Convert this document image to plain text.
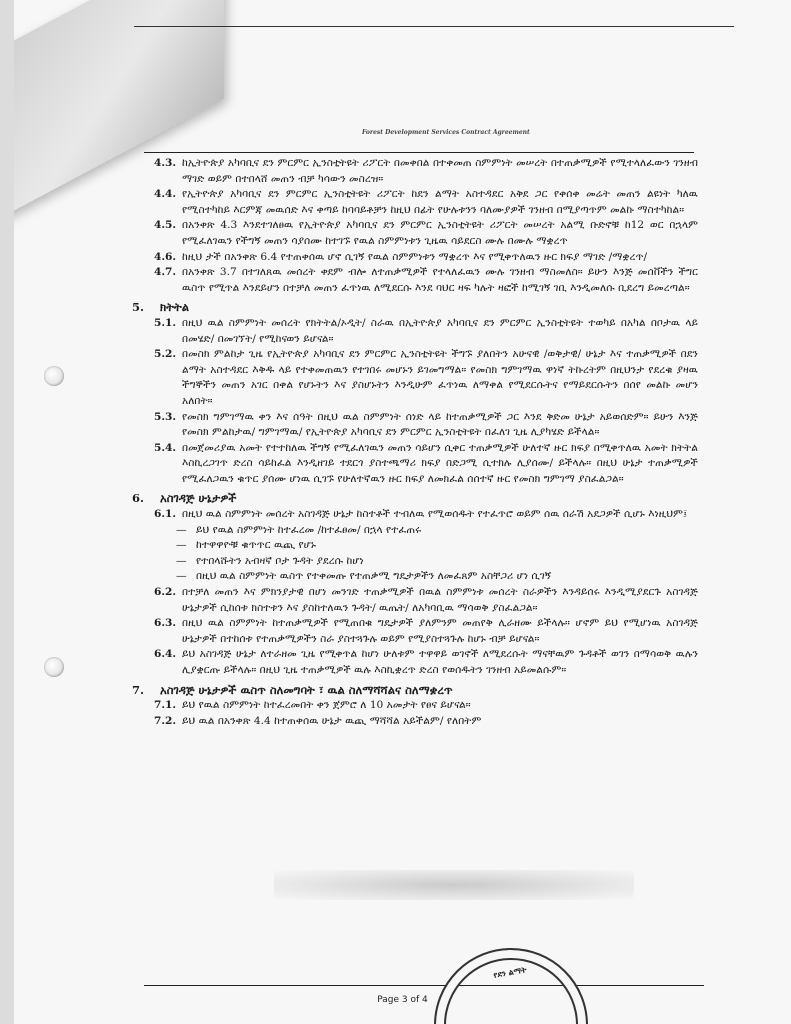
Forest Development Services Contract Agreement
4.3. ከኢትዮጵያ አካባቢና ደን ምርምር ኢንስቲትዩት ሪፖርት በመቀበል በተቀመጠ ስምምነት መሠረት በተጠቃሚዎች የሚተላለፈውን ገንዘብ ማገድ ወይም በተበላሸ መጠን ብቻ ካሳውን መስረዝ።
4.4. የኢትዮጵያ አካባቢና ደን ምርምር ኢንስቲትዩት ሪፖርት ከደን ልማት አስተዳደር አቅደ ጋር የቀሰቀ መሬት መጠን ልዩነት ካለዉ የሚስተካከይ እርምጃ መዉሰድ እና ቀጣይ ከባባይቶቻን ከዚህ በፊት የሁሉቱንን ባለሙያዎች ገንዘብ በሚያጣጥም መልኩ ማስተካከል።
4.5. በአንቀጽ 4.3 እንደተገለፀዉ የኢትዮጵያ አካባቢና ደን ምርምር ኢንስቲትዩት ሪፖርት መሠረት አልሚ ቡድኖቹ ከ12 ወር በኋላም የሚፈለገዉን የችግኝ መጠን ሳያሰሙ ከተገኙ የዉል ስምምነቱን ጊዜዉ ሳይደርስ ሙሉ በሙሉ ማቋረጥ
4.6. ከዚህ ታች በአንቀጽ 6.4 የተጠቀሰዉ ሆኖ ሲገኝ የዉል ስምምነቱን ማቋረጥ እና የሚቀጥለዉን ዙር ክፍያ ማገድ /ማቋረጥ/
4.7. በአንቀጽ 3.7 በተገለጸዉ መሰረት ቀደም ብሎ ለተጠቃሚዎች የተላለፈዉን ሙሉ ገንዘብ ማስመለስ። ይሁን እንጅ መሰቨችን ችግር ዉስጥ የሚጥል እንደይሆን በተቻለ መጠን ፈጥነዉ ለሚደርሱ እንደ ባህር ዛፍ ካሉት ዛፎች ከሚገኝ ገቢ እንዲመለሱ ቢደረግ ይመረጣል።
5.	ክትትል
5.1. በዚህ ዉል ስምምነት መሰረት የክትትል/ኦዲት/ ስራዉ በኢትዮጵያ አካባቢና ደን ምርምር ኢንስቲትዩት ተወካይ በአካል በቦታዉ ላይ በመሄድ/ በመገኘት/ የሚከናወን ይሆናል።
5.2. በመስክ ምልከታ ጊዜ የኢትዮጵያ አካባቢና ደን ምርምር ኢንስቲትዩት ችግኙ ያለበትን አሁናዊ /ወቅታዊ/ ሁኔታ እና ተጠቃሚዎች በደን ልማት አስተዳደር እቅዱ ላይ የተቀመጠዉን የተገበሩ መሆኑን ይገመግማል። የመስክ ግምገማዉ ዋነኛ ትኩረትም በዚህንታ የደረቁ ያዛዉ ችግኞችን መጠን አገር በቀል የሆኑትን እና ያስሆኑትን እንዲሁም ፈጥነዉ ለማቀል የሚደርሱትና የማይደርሱትን በሰየ መልኩ መሆን አለበት።
5.3. የመስክ ግምገማዉ ቀን እና ሰዓት በዚህ ዉል ስምምነት ሰነድ ላይ ከተጠቃሚዎች ጋር እንደ ቅድመ ሁኔታ አይወሰድም። ይሁን እንጅ የመስክ ምልከታዉ/ ግምገማዉ/ የኢትዮጵያ አካባቢና ደን ምርምር ኢንስቲትዩት በፈለገ ጊዜ ሊያካሄድ ይችላል።
5.4. በመጀመሪያዉ አመት የተተከለዉ ችግኝ የሚፈለገዉን መጠን ሳይሆን ሲቀር ተጠቃሚዎች ሁለተኛ ዙር ክፍያ በሚቀጥለዉ አመት ክትትል እስኪረጋገጥ ድረስ ሳይከፈል እንዲዘገይ ተደርጎ ያስተጫማሪ ክፍያ በድጋሚ ሲተክሉ ሊያሰሙ/ ይችላሉ። በዚህ ሁኔታ ተጠቃሚዎች የሚፈለጋዉን ቁጥር ያሰሙ ሆነዉ ሲገኙ የሁለተኛዉን ዙር ክፍያ ለመክፈል ሰሰተኛ ዙር የመስክ ግምገማ ያስፈልጋል።
6.	አስገዳጅ ሁኔታዎች
6.1. በዚህ ዉል ስምምነት መሰረት አስገዳጅ ሁኔታ ከስተቶች ተብለዉ የሚወሰዱት የተፈጥሮ ወይም ሰዉ ሰራሽ አደጋዎች ሲሆኑ እነዚህም፤
— ይህ የዉል ስምምነት ከተፈረመ /ከተፈፀመ/ በኋላ የተፈጠሩ
— ከተዋዋዮቹ ቁጥጥር ዉጪ የሆኑ
— የተበላሹትን አብዛኛ ቦታ ጉዳት ያደረሱ ከሆነ
— በዚህ ዉል ስምምነት ዉስጥ የተቀመጡ የተጠቃሚ ግዴታዎችን ለመፈጸም አስቸጋሪ ሆነ ሲገኝ
6.2. በተቻለ መጠን እና ምክንያታዊ በሆነ መንገድ ተጠቃሚዎች በዉል ስምምነቱ መሰረት ስራዎችን እንዳይሰሩ እንዲሚያደርጉ አስገዳጅ ሁኔታዎች ሲከሰቱ ክስተቱን እና ያስከተለዉን ጉዳት/ ዉጤት/ ለአካባቢዉ ማሳወቅ ያስፈልጋል።
6.3. በዚህ ዉል ስምምነት ከተጠቃሚዎች የሚጠበቁ ግዴታዎች ያለምንም መጠየቅ ሊራዘሙ ይችላሉ። ሆኖም ይህ የሚሆነዉ አስገዳጅ ሁኔታዎች በተከሰቱ የተጠቃሚዎችን ስራ ያስተጓጉሉ ወይም የሚያስተጓጉሉ ከሆኑ ብቻ ይሆናል።
6.4. ይህ አስገዳጅ ሁኔታ ለተራዘመ ጊዜ የሚቀጥል ከሆነ ሁለቱም ተዋዋይ ወገኖች ለሚደረሱት ማናቸዉም ጉዳቶች ወገን በማሳወቅ ዉሉን ሊያቋርጡ ይችላሉ። በዚህ ጊዜ ተጠቃሚዎች ዉሉ እስኪቋረጥ ድረስ የወሰዱትን ገንዘብ አይመልሱም።
7.	አስገዳጅ ሁኔታዎች ዉስጥ ስለመግባት ፣ ዉል ስለማሻሻልና ስለማቋረጥ
7.1. ይህ የዉል ስምምነት ከተፈረመበት ቀን ጀምሮ ለ 10 አመታት የፀና ይሆናል።
7.2. ይህ ዉል በአንቀጽ 4.4 ከተጠቀሰዉ ሁኔታ ዉጪ ማሻሻል አይችልም/ የለበትም
Page 3 of 4
የደን ልማት
